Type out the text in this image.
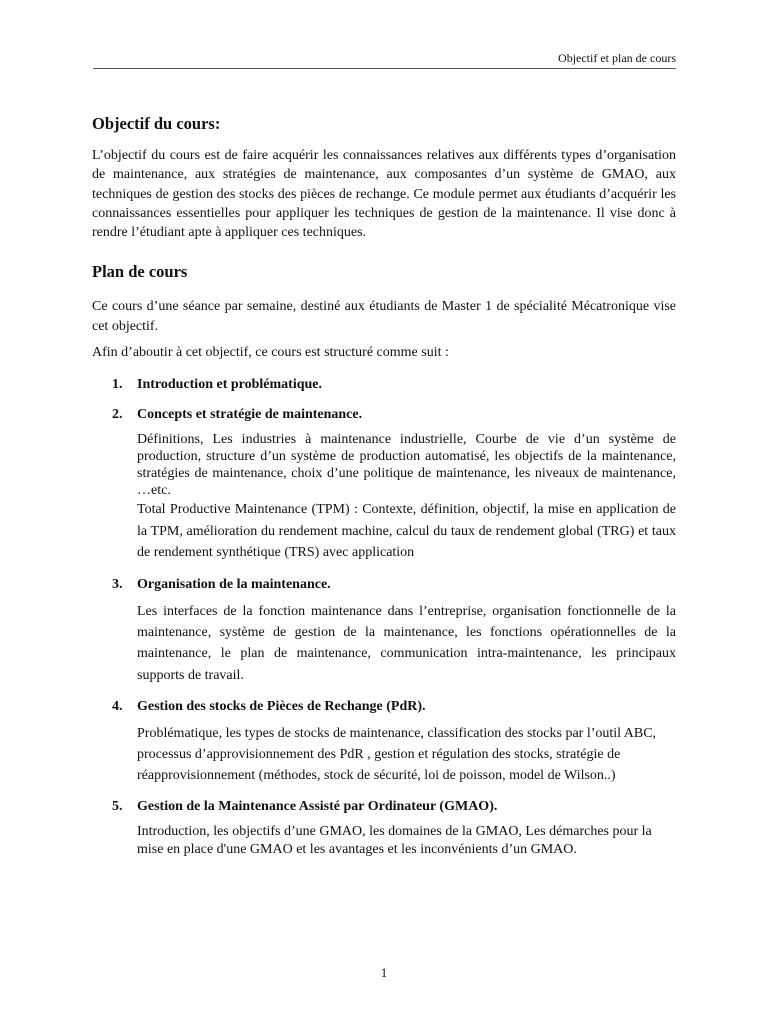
Objectif et plan de cours
Objectif du cours:

L’objectif du cours est de faire acquérir les connaissances relatives aux différents types d’organisation de maintenance, aux stratégies de maintenance, aux composantes d’un système de GMAO, aux techniques de gestion des stocks des pièces de rechange. Ce module permet aux étudiants d’acquérir les connaissances essentielles pour appliquer les techniques de gestion de la maintenance. Il vise donc à rendre l’étudiant apte à appliquer ces techniques.

Plan de cours

Ce cours d’une séance par semaine, destiné aux étudiants de Master 1 de spécialité Mécatronique vise cet objectif.

Afin d’aboutir à cet objectif, ce cours est structuré comme suit :

1. Introduction et problématique.
2. Concepts et stratégie de maintenance.

Définitions, Les industries à maintenance industrielle, Courbe de vie d’un système de production, structure d’un système de production automatisé, les objectifs de la maintenance, stratégies de maintenance, choix d’une politique de maintenance, les niveaux de maintenance, …etc.

Total Productive Maintenance (TPM) : Contexte, définition, objectif, la mise en application de la TPM, amélioration du rendement machine, calcul du taux de rendement global (TRG) et taux de rendement synthétique (TRS) avec application

3. Organisation de la maintenance.

Les interfaces de la fonction maintenance dans l’entreprise, organisation fonctionnelle de la maintenance, système de gestion de la maintenance, les fonctions opérationnelles de la maintenance, le plan de maintenance, communication intra-maintenance, les principaux supports de travail.

4. Gestion des stocks de Pièces de Rechange (PdR).

Problématique, les types de stocks de maintenance, classification des stocks par l’outil ABC, processus d’approvisionnement des PdR , gestion et régulation des stocks, stratégie de réapprovisionnement (méthodes, stock de sécurité, loi de poisson, model de Wilson..)

5. Gestion de la Maintenance Assisté par Ordinateur (GMAO).

Introduction, les objectifs d’une GMAO, les domaines de la GMAO, Les démarches pour la mise en place d'une GMAO et les avantages et les inconvénients d’un GMAO.

1
